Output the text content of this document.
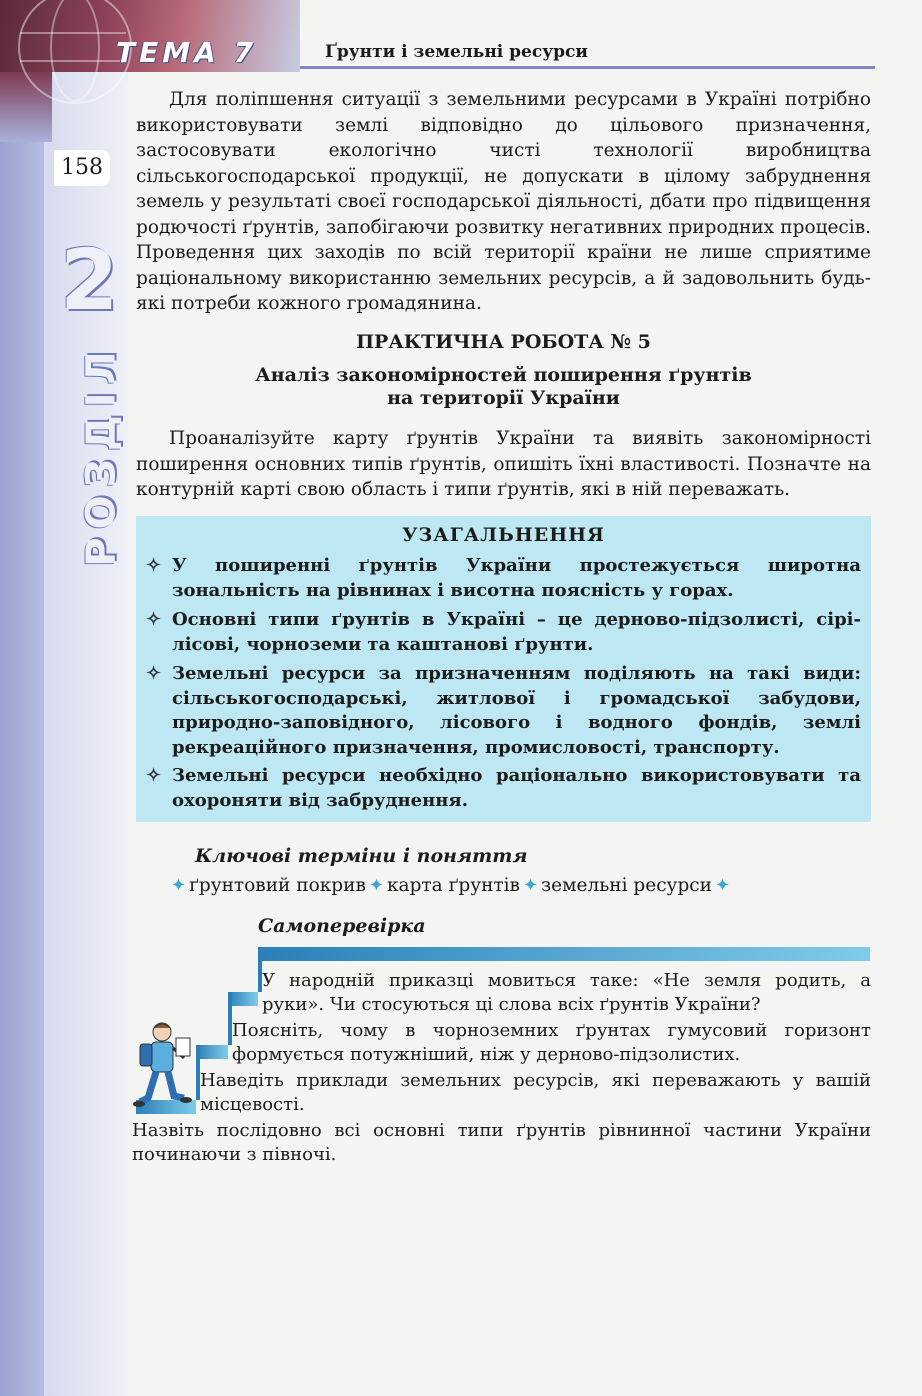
ТЕМА 7	Ґрунти і земельні ресурси
158
2
РОЗДІЛ

Для поліпшення ситуації з земельними ресурсами в Україні потрібно використовувати землі відповідно до цільового призначення, застосовувати екологічно чисті технології виробництва сільськогосподарської продукції, не допускати в цілому забруднення земель у результаті своєї господарської діяльності, дбати про підвищення родючості ґрунтів, запобігаючи розвитку негативних природних процесів. Проведення цих заходів по всій території країни не лише сприятиме раціональному використанню земельних ресурсів, а й задовольнить будь-які потреби кожного громадянина.

ПРАКТИЧНА РОБОТА № 5
Аналіз закономірностей поширення ґрунтів
на території України

Проаналізуйте карту ґрунтів України та виявіть закономірності поширення основних типів ґрунтів, опишіть їхні властивості. Позначте на контурній карті свою область і типи ґрунтів, які в ній переважать.

УЗАГАЛЬНЕННЯ
✧ У поширенні ґрунтів України простежується широтна зональність на рівнинах і висотна поясність у горах.
✧ Основні типи ґрунтів в Україні – це дерново-підзолисті, сірі-лісові, чорноземи та каштанові ґрунти.
✧ Земельні ресурси за призначенням поділяють на такі види: сільськогосподарські, житлової і громадської забудови, природно-заповідного, лісового і водного фондів, землі рекреаційного призначення, промисловості, транспорту.
✧ Земельні ресурси необхідно раціонально використовувати та охороняти від забруднення.
Ключові терміни і поняття
✦ ґрунтовий покрив ✦ карта ґрунтів ✦ земельні ресурси ✦
Самоперевірка

У народній приказці мовиться таке: «Не земля родить, а руки». Чи стосуються ці слова всіх ґрунтів України?

Поясніть, чому в чорноземних ґрунтах гумусовий горизонт формується потужніший, ніж у дерново-підзолистих.

Наведіть приклади земельних ресурсів, які переважають у вашій місцевості.

Назвіть послідовно всі основні типи ґрунтів рівнинної частини України починаючи з півночі.
